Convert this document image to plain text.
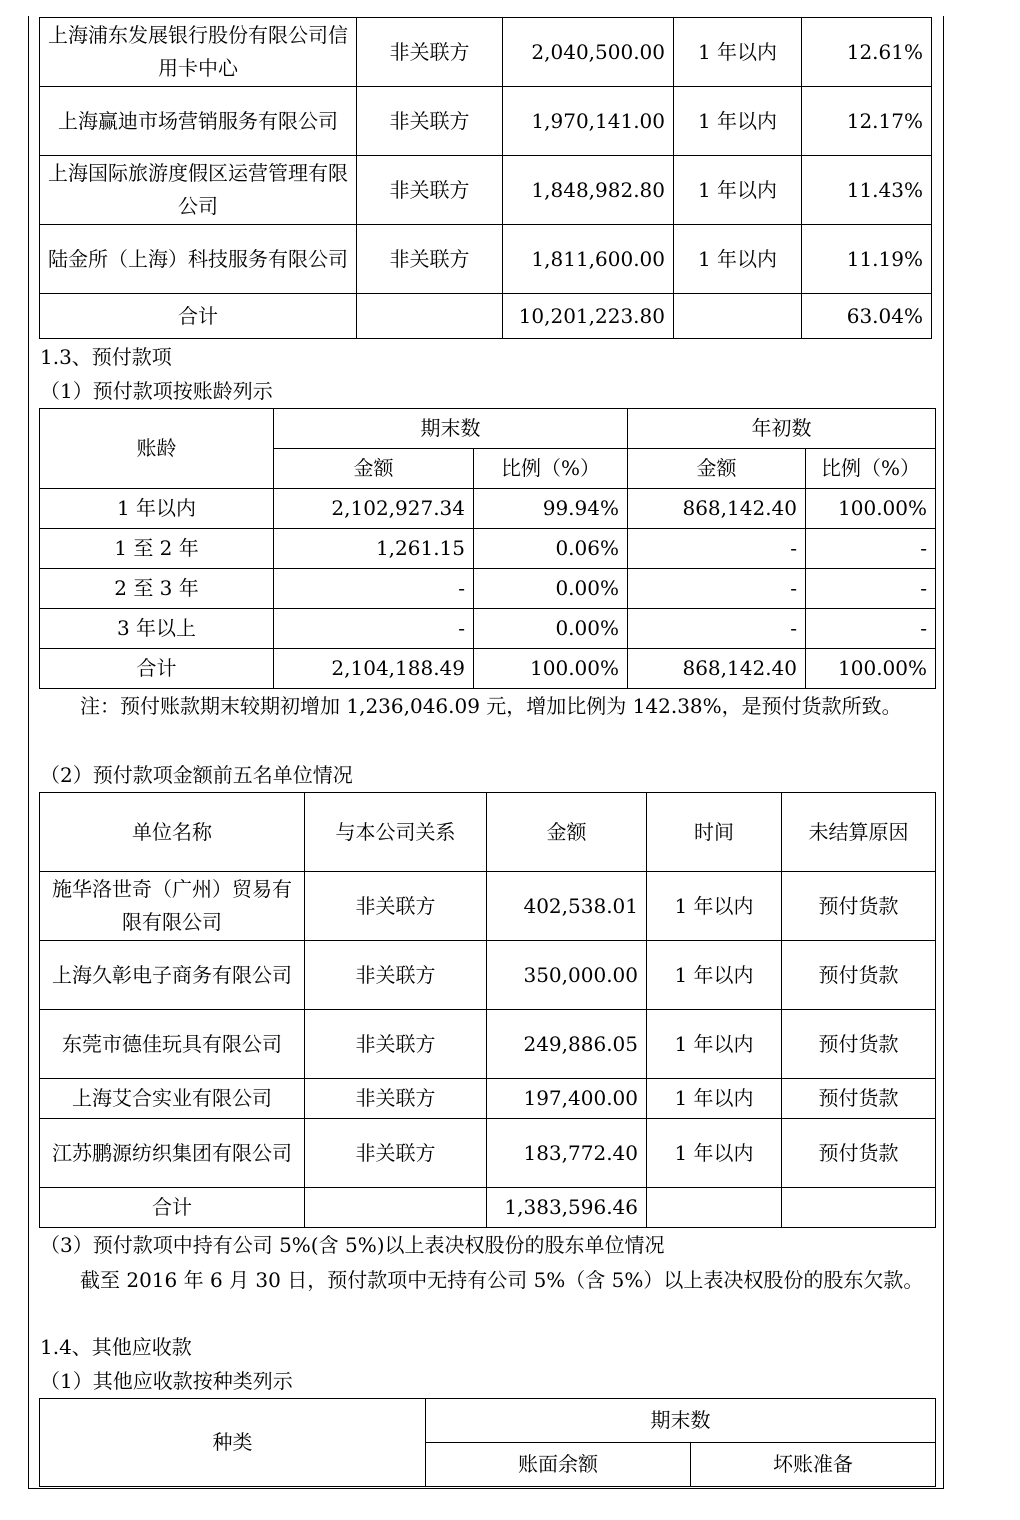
上海浦东发展银行股份有限公司信用卡中心	非关联方	2,040,500.00	1 年以内	12.61%
上海赢迪市场营销服务有限公司	非关联方	1,970,141.00	1 年以内	12.17%
上海国际旅游度假区运营管理有限公司	非关联方	1,848,982.80	1 年以内	11.43%
陆金所（上海）科技服务有限公司	非关联方	1,811,600.00	1 年以内	11.19%
合计		10,201,223.80		63.04%
1.3、预付款项
（1）预付款项按账龄列示
账龄	期末数		年初数	
	金额	比例（%）	金额	比例（%）
1 年以内	2,102,927.34	99.94%	868,142.40	100.00%
1 至 2 年	1,261.15	0.06%	-	-
2 至 3 年	-	0.00%	-	-
3 年以上	-	0.00%	-	-
合计	2,104,188.49	100.00%	868,142.40	100.00%
注：预付账款期末较期初增加 1,236,046.09 元，增加比例为 142.38%，是预付货款所致。
（2）预付款项金额前五名单位情况
单位名称	与本公司关系	金额	时间	未结算原因
施华洛世奇（广州）贸易有限有限公司	非关联方	402,538.01	1 年以内	预付货款
上海久彰电子商务有限公司	非关联方	350,000.00	1 年以内	预付货款
东莞市德佳玩具有限公司	非关联方	249,886.05	1 年以内	预付货款
上海艾合实业有限公司	非关联方	197,400.00	1 年以内	预付货款
江苏鹏源纺织集团有限公司	非关联方	183,772.40	1 年以内	预付货款
合计		1,383,596.46		
（3）预付款项中持有公司 5%(含 5%)以上表决权股份的股东单位情况
截至 2016 年 6 月 30 日，预付款项中无持有公司 5%（含 5%）以上表决权股份的股东欠款。
1.4、其他应收款
（1）其他应收款按种类列示
种类	期末数	
	账面余额	坏账准备
